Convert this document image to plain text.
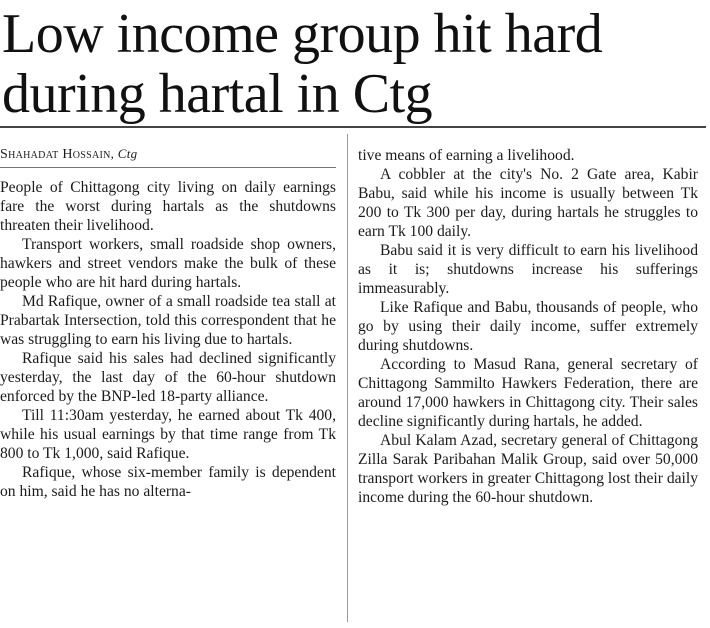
Low income group hit hard
during hartal in Ctg
Shahadat Hossain, Ctg

People of Chittagong city living on daily earnings fare the worst during hartals as the shutdowns threaten their livelihood.

Transport workers, small roadside shop owners, hawkers and street vendors make the bulk of these people who are hit hard during hartals.

Md Rafique, owner of a small roadside tea stall at Prabartak Intersection, told this correspondent that he was struggling to earn his living due to hartals.

Rafique said his sales had declined significantly yesterday, the last day of the 60-hour shutdown enforced by the BNP-led 18-party alliance.

Till 11:30am yesterday, he earned about Tk 400, while his usual earnings by that time range from Tk 800 to Tk 1,000, said Rafique.

Rafique, whose six-member family is dependent on him, said he has no alterna-

tive means of earning a livelihood.

A cobbler at the city's No. 2 Gate area, Kabir Babu, said while his income is usually between Tk 200 to Tk 300 per day, during hartals he struggles to earn Tk 100 daily.

Babu said it is very difficult to earn his livelihood as it is; shutdowns increase his sufferings immeasurably.

Like Rafique and Babu, thousands of people, who go by using their daily income, suffer extremely during shutdowns.

According to Masud Rana, general secretary of Chittagong Sammilto Hawkers Federation, there are around 17,000 hawkers in Chittagong city. Their sales decline significantly during hartals, he added.

Abul Kalam Azad, secretary general of Chittagong Zilla Sarak Paribahan Malik Group, said over 50,000 transport workers in greater Chittagong lost their daily income during the 60-hour shutdown.
